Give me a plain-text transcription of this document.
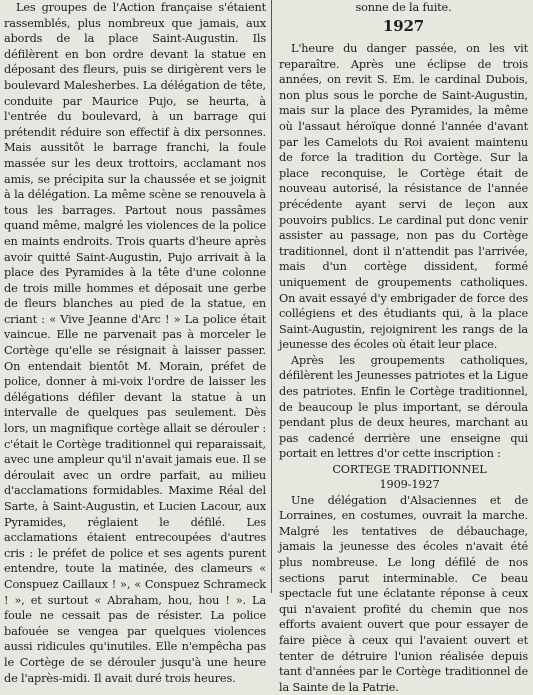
Les groupes de l'Action française s'étaient rassemblés, plus nombreux que jamais, aux abords de la place Saint-Augustin. Ils défilèrent en bon ordre devant la statue en déposant des fleurs, puis se dirigèrent vers le boulevard Malesherbes. La délégation de tête, conduite par Maurice Pujo, se heurta, à l'entrée du boulevard, à un barrage qui prétendit réduire son effectif à dix personnes. Mais aussitôt le barrage franchi, la foule massée sur les deux trottoirs, acclamant nos amis, se précipita sur la chaussée et se joignit à la délégation. La même scène se renouvela à tous les barrages. Partout nous passâmes quand même, malgré les violences de la police en maints endroits. Trois quarts d'heure après avoir quitté Saint-Augustin, Pujo arrivait à la place des Pyramides à la tête d'une colonne de trois mille hommes et déposait une gerbe de fleurs blanches au pied de la statue, en criant : « Vive Jeanne d'Arc ! » La police était vaincue. Elle ne parvenait pas à morceler le Cortège qu'elle se résignait à laisser passer. On entendait bientôt M. Morain, préfet de police, donner à mi-voix l'ordre de laisser les délégations défiler devant la statue à un intervalle de quelques pas seulement. Dès lors, un magnifique cortège allait se dérouler : c'était le Cortège traditionnel qui reparaissait, avec une ampleur qu'il n'avait jamais eue. Il se déroulait avec un ordre parfait, au milieu d'acclamations formidables. Maxime Réal del Sarte, à Saint-Augustin, et Lucien Lacour, aux Pyramides, réglaient le défilé. Les acclamations étaient entrecoupées d'autres cris : le préfet de police et ses agents purent entendre, toute la matinée, des clameurs « Conspuez Caillaux ! », « Conspuez Schrameck ! », et surtout « Abraham, hou, hou ! ». La foule ne cessait pas de résister. La police bafouée se vengea par quelques violences aussi ridicules qu'inutiles. Elle n'empêcha pas le Cortège de se dérouler jusqu'à une heure de l'après-midi. Il avait duré trois heures.

sonne de la fuite.
1927

L'heure du danger passée, on les vit reparaître. Après une éclipse de trois années, on revit S. Em. le cardinal Dubois, non plus sous le porche de Saint-Augustin, mais sur la place des Pyramides, la même où l'assaut héroïque donné l'année d'avant par les Camelots du Roi avaient maintenu de force la tradition du Cortège. Sur la place reconquise, le Cortège était de nouveau autorisé, la résistance de l'année précédente ayant servi de leçon aux pouvoirs publics. Le cardinal put donc venir assister au passage, non pas du Cortège traditionnel, dont il n'attendit pas l'arrivée, mais d'un cortège dissident, formé uniquement de groupements catholiques. On avait essayé d'y embrigader de force des collégiens et des étudiants qui, à la place Saint-Augustin, rejoignirent les rangs de la jeunesse des écoles où était leur place.

Après les groupements catholiques, défilèrent les Jeunesses patriotes et la Ligue des patriotes. Enfin le Cortège traditionnel, de beaucoup le plus important, se déroula pendant plus de deux heures, marchant au pas cadencé derrière une enseigne qui portait en lettres d'or cette inscription :

CORTEGE TRADITIONNEL

1909-1927

Une délégation d'Alsaciennes et de Lorraines, en costumes, ouvrait la marche. Malgré les tentatives de débauchage, jamais la jeunesse des écoles n'avait été plus nombreuse. Le long défilé de nos sections parut interminable. Ce beau spectacle fut une éclatante réponse à ceux qui n'avaient profité du chemin que nos efforts avaient ouvert que pour essayer de faire pièce à ceux qui l'avaient ouvert et tenter de détruire l'union réalisée depuis tant d'années par le Cortège traditionnel de la Sainte de la Patrie.
